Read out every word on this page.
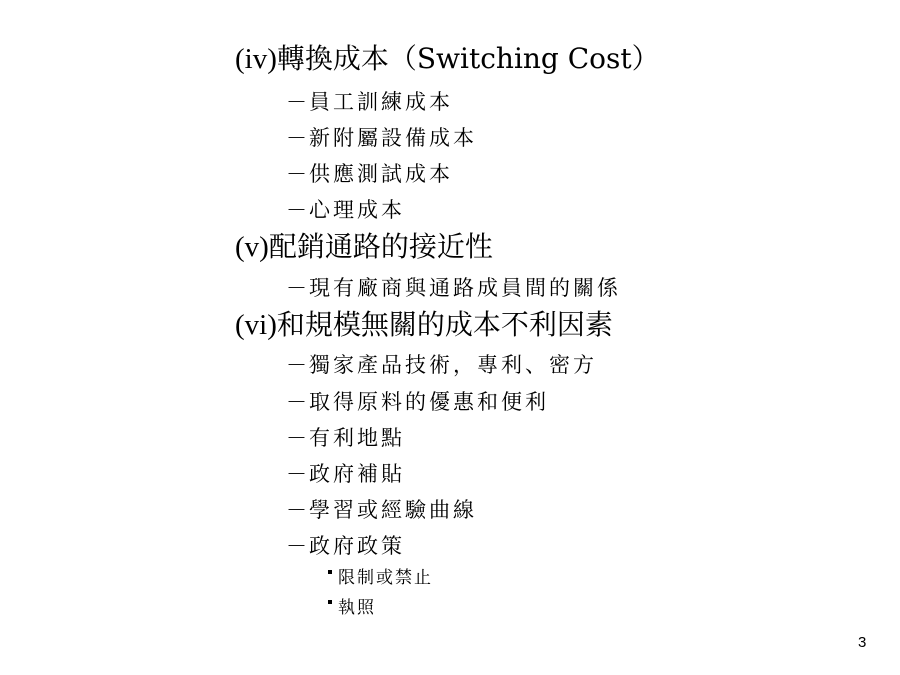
(iv)轉換成本（Switching Cost）
－員工訓練成本
－新附屬設備成本
－供應測試成本
－心理成本
(v)配銷通路的接近性
－現有廠商與通路成員間的關係
(vi)和規模無關的成本不利因素
－獨家產品技術，專利、密方
－取得原料的優惠和便利
－有利地點
－政府補貼
－學習或經驗曲線
－政府政策
限制或禁止
執照
3
